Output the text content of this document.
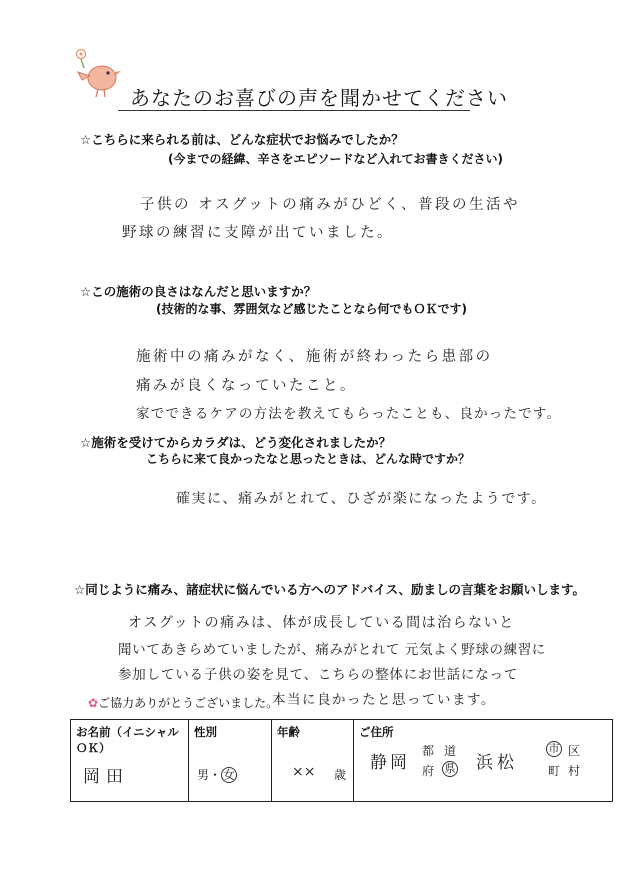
あなたのお喜びの声を聞かせてください
☆こちらに来られる前は、どんな症状でお悩みでしたか？
(今までの経緯、辛さをエピソードなど入れてお書きください)
子供の オスグットの痛みがひどく、普段の生活や
野球の練習に支障が出ていました。
☆この施術の良さはなんだと思いますか？
(技術的な事、雰囲気など感じたことなら何でもＯＫです)
施術中の痛みがなく、施術が終わったら患部の
痛みが良くなっていたこと。
家でできるケアの方法を教えてもらったことも、良かったです。
☆施術を受けてからカラダは、どう変化されましたか？
こちらに来て良かったなと思ったときは、どんな時ですか？
確実に、痛みがとれて、ひざが楽になったようです。
☆同じように痛み、諸症状に悩んでいる方へのアドバイス、励ましの言葉をお願いします。
オスグットの痛みは、体が成長している間は治らないと
聞いてあきらめていましたが、痛みがとれて 元気よく野球の練習に
参加している子供の姿を見て、こちらの整体にお世話になって
本当に良かったと思っています。
✿ご協力ありがとうございました。
お名前（イニシャルＯＫ）
岡田

性別
男・ 女

年齢
×× 歳

ご住所
静岡
都 道
府 県 浜松
市 区
町 村
